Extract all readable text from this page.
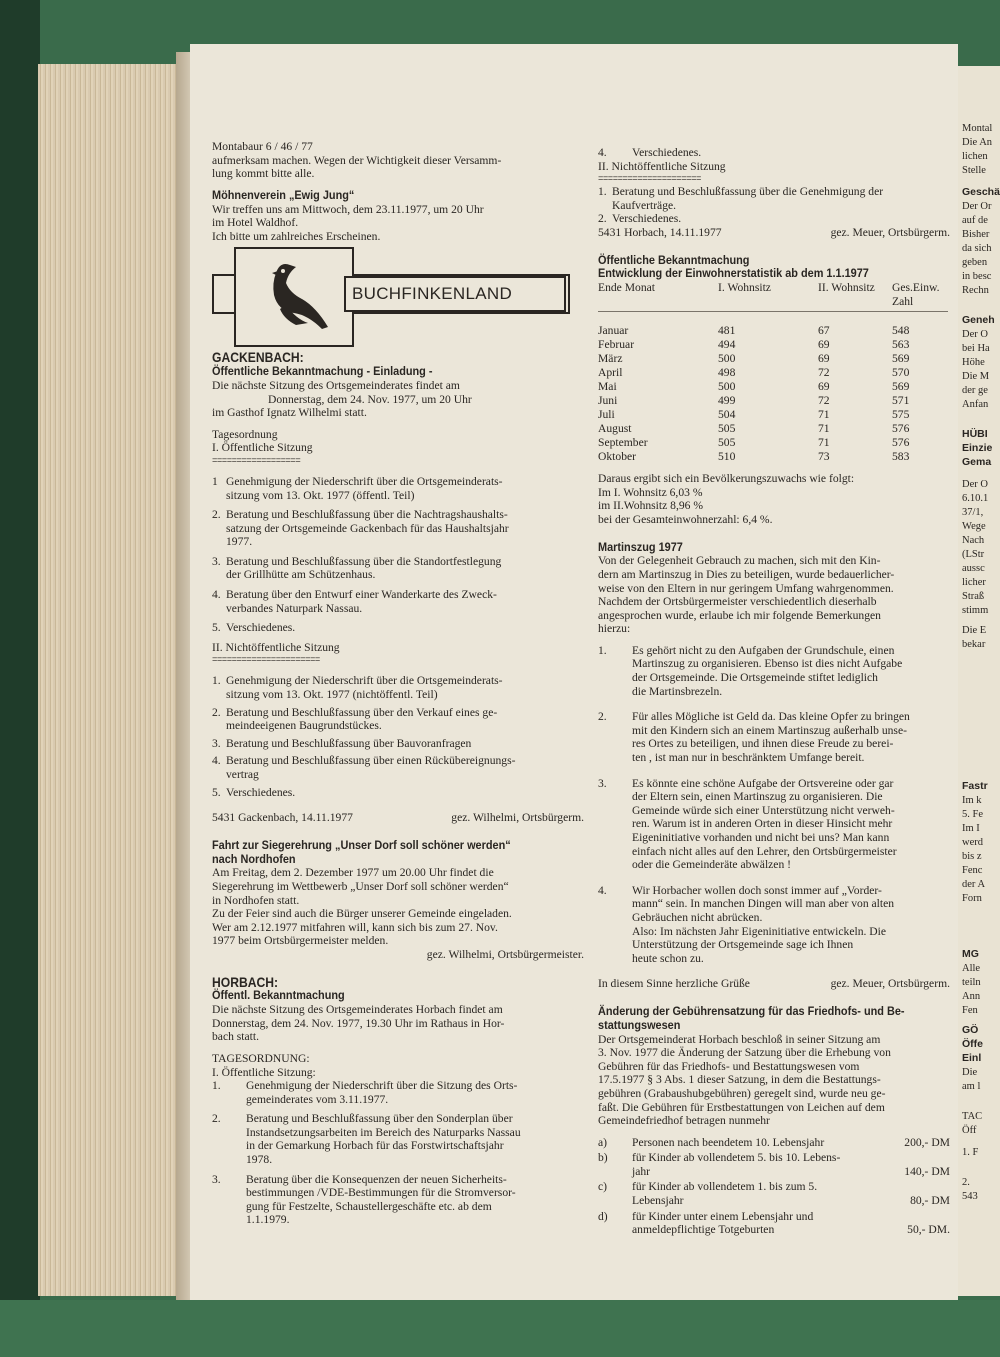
Montal
Die An
lichen
Stelle
Geschä
Der Or
auf de
Bisher
da sich
geben
in besc
Rechn
Geneh
Der O
bei Ha
Höhe
Die M
der ge
Anfan
HÜBI
Einzie
Gema
Der O
6.10.1
37/1,
Wege
Nach
(LStr
aussc
licher
Straß
stimm
Die E
bekar
Fastr
Im k
5. Fe
Im I
werd
bis z
Fenc
der A
Forn
MG
Alle
teiln
Ann
Fen
GÖ
Öffe
Einl
Die
am l
TAC
Öff
1. F
2.
543

Montabaur 6 / 46 / 77

aufmerksam machen. Wegen der Wichtigkeit dieser Versamm-

lung kommt bitte alle.

Möhnenverein „Ewig Jung“

Wir treffen uns am Mittwoch, dem 23.11.1977, um 20 Uhr

im Hotel Waldhof.

Ich bitte um zahlreiches Erscheinen.

BUCHFINKENLAND

GACKENBACH:

Öffentliche Bekanntmachung - Einladung -

Die nächste Sitzung des Ortsgemeinderates findet am

Donnerstag, dem 24. Nov. 1977, um 20 Uhr

im Gasthof Ignatz Wilhelmi statt.

Tagesordnung

I. Öffentliche Sitzung

==================

1 Genehmigung der Niederschrift über die Ortsgemeinderats-

sitzung vom 13. Okt. 1977 (öffentl. Teil)

2. Beratung und Beschlußfassung über die Nachtragshaushalts-

satzung der Ortsgemeinde Gackenbach für das Haushaltsjahr

1977.

3. Beratung und Beschlußfassung über die Standortfestlegung

der Grillhütte am Schützenhaus.

4. Beratung über den Entwurf einer Wanderkarte des Zweck-

verbandes Naturpark Nassau.

5. Verschiedenes.

II. Nichtöffentliche Sitzung

======================

1. Genehmigung der Niederschrift über die Ortsgemeinderats-

sitzung vom 13. Okt. 1977 (nichtöffentl. Teil)

2. Beratung und Beschlußfassung über den Verkauf eines ge-

meindeeigenen Baugrundstückes.

3. Beratung und Beschlußfassung über Bauvoranfragen

4. Beratung und Beschlußfassung über einen Rückübereignungs-

vertrag

5. Verschiedenes.

5431 Gackenbach, 14.11.1977	gez. Wilhelmi, Ortsbürgerm.

Fahrt zur Siegerehrung „Unser Dorf soll schöner werden“

nach Nordhofen

Am Freitag, dem 2. Dezember 1977 um 20.00 Uhr findet die

Siegerehrung im Wettbewerb „Unser Dorf soll schöner werden“

in Nordhofen statt.

Zu der Feier sind auch die Bürger unserer Gemeinde eingeladen.

Wer am 2.12.1977 mitfahren will, kann sich bis zum 27. Nov.

1977 beim Ortsbürgermeister melden.

gez. Wilhelmi, Ortsbürgermeister.

HORBACH:

Öffentl. Bekanntmachung

Die nächste Sitzung des Ortsgemeinderates Horbach findet am

Donnerstag, dem 24. Nov. 1977, 19.30 Uhr im Rathaus in Hor-

bach statt.

TAGESORDNUNG:

I. Öffentliche Sitzung:

1.	Genehmigung der Niederschrift über die Sitzung des Orts-

gemeinderates vom 3.11.1977.

2.	Beratung und Beschlußfassung über den Sonderplan über

Instandsetzungsarbeiten im Bereich des Naturparks Nassau

in der Gemarkung Horbach für das Forstwirtschaftsjahr

1978.

3.	Beratung über die Konsequenzen der neuen Sicherheits-

bestimmungen /VDE-Bestimmungen für die Stromversor-

gung für Festzelte, Schaustellergeschäfte etc. ab dem

1.1.1979.

4.	Verschiedenes.

II. Nichtöffentliche Sitzung

=====================

1. Beratung und Beschlußfassung über die Genehmigung der

Kaufverträge.

2. Verschiedenes.

5431 Horbach, 14.11.1977	gez. Meuer, Ortsbürgerm.

Öffentliche Bekanntmachung

Entwicklung der Einwohnerstatistik ab dem 1.1.1977

Ende Monat	I. Wohnsitz	II. Wohnsitz	Ges.Einw. Zahl
Januar	481	67	548
Februar	494	69	563
März	500	69	569
April	498	72	570
Mai	500	69	569
Juni	499	72	571
Juli	504	71	575
August	505	71	576
September	505	71	576
Oktober	510	73	583

Daraus ergibt sich ein Bevölkerungszuwachs wie folgt:

Im I. Wohnsitz 6,03 %

im II.Wohnsitz 8,96 %

bei der Gesamteinwohnerzahl: 6,4 %.

Martinszug 1977

Von der Gelegenheit Gebrauch zu machen, sich mit den Kin-

dern am Martinszug in Dies zu beteiligen, wurde bedauerlicher-

weise von den Eltern in nur geringem Umfang wahrgenommen.

Nachdem der Ortsbürgermeister verschiedentlich dieserhalb

angesprochen wurde, erlaube ich mir folgende Bemerkungen

hierzu:

1.	Es gehört nicht zu den Aufgaben der Grundschule, einen

Martinszug zu organisieren. Ebenso ist dies nicht Aufgabe

der Ortsgemeinde. Die Ortsgemeinde stiftet lediglich

die Martinsbrezeln.

2.	Für alles Mögliche ist Geld da. Das kleine Opfer zu bringen

mit den Kindern sich an einem Martinszug außerhalb unse-

res Ortes zu beteiligen, und ihnen diese Freude zu berei-

ten , ist man nur in beschränktem Umfange bereit.

3.	Es könnte eine schöne Aufgabe der Ortsvereine oder gar

der Eltern sein, einen Martinszug zu organisieren. Die

Gemeinde würde sich einer Unterstützung nicht verweh-

ren. Warum ist in anderen Orten in dieser Hinsicht mehr

Eigeninitiative vorhanden und nicht bei uns? Man kann

einfach nicht alles auf den Lehrer, den Ortsbürgermeister

oder die Gemeinderäte abwälzen !

4.	Wir Horbacher wollen doch sonst immer auf „Vorder-

mann“ sein. In manchen Dingen will man aber von alten

Gebräuchen nicht abrücken.

Also: Im nächsten Jahr Eigeninitiative entwickeln. Die

Unterstützung der Ortsgemeinde sage ich Ihnen

heute schon zu.

In diesem Sinne herzliche Grüße	gez. Meuer, Ortsbürgerm.

Änderung der Gebührensatzung für das Friedhofs- und Be-

stattungswesen

Der Ortsgemeinderat Horbach beschloß in seiner Sitzung am

3. Nov. 1977 die Änderung der Satzung über die Erhebung von

Gebühren für das Friedhofs- und Bestattungswesen vom

17.5.1977 § 3 Abs. 1 dieser Satzung, in dem die Bestattungs-

gebühren (Grabaushubgebühren) geregelt sind, wurde neu ge-

faßt. Die Gebühren für Erstbestattungen von Leichen auf dem

Gemeindefriedhof betragen nunmehr

a)	Personen nach beendetem 10. Lebensjahr	200,- DM
b)	für Kinder ab vollendetem 5. bis 10. Lebens-
jahr	140,- DM
c)	für Kinder ab vollendetem 1. bis zum 5.
Lebensjahr	80,- DM
d)	für Kinder unter einem Lebensjahr und
anmeldepflichtige Totgeburten	50,- DM.
